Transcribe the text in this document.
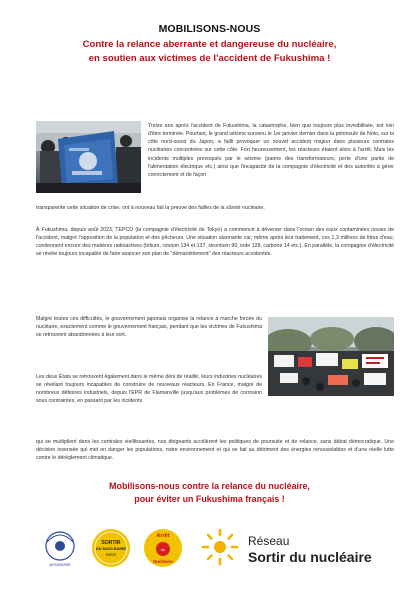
MOBILISONS-NOUS
Contre la relance aberrante et dangereuse du nucléaire,
en soutien aux victimes de l'accident de Fukushima !
Treize ans après l'accident de Fukushima, la catastrophe, bien que toujours plus invisibilisée, est loin d'être terminée. Pourtant, le grand séisme survenu le 1er janvier dernier dans la péninsule de Noto, sur la côte nord-ouest du Japon, a failli provoquer un nouvel accident majeur dans plusieurs centrales nucléaires concentrées sur cette côte. Fort heureusement, les réacteurs étaient alors à l'arrêt. Mais les incidents multiples provoqués par le séisme (panne des transformateurs, perte d'une partie de l'alimentation électrique etc.) ainsi que l'incapacité de la compagnie d'électricité et des autorités à gérer correctement et de façon
transparente cette situation de crise, ont à nouveau fait la preuve des failles de la sûreté nucléaire.
À Fukushima, depuis août 2023, TEPCO (la compagnie d'électricité de Tokyo) a commencé à déverser dans l'océan des eaux contaminées issues de l'accident, malgré l'opposition de la population et des pêcheurs. Une situation alarmante car, même après leur traitement, ces 1,3 millions de litres d'eau, contiennent encore des matières radioactives (tritium, césium 134 et 137, strontium 90, iode 129, carbone 14 etc.). En parallèle, la compagnie d'électricité se révèle toujours incapable de faire avancer son plan de "démantèlement" des réacteurs accidentés.
Malgré toutes ces difficultés, le gouvernement japonais organise la relance à marche forcée du nucléaire, exactement comme le gouvernement français, pendant que les victimes de Fukushima se retrouvent abandonnées à leur sort.
Les deux États se retrouvent également dans le même déni de réalité, leurs industries nucléaires se révélant toujours incapables de construire de nouveaux réacteurs. En France, malgré de nombreux déboires industriels, depuis l'EPR de Flamanville jusqu'aux problèmes de corrosion sous contraintes, en passant par les incidents
qui se multiplient dans les centrales vieillissantes, nos dirigeants accélèrent les politiques de poursuite et de relance, sans débat démocratique. Une décision insensée qui met en danger les populations, notre environnement et qui se fait au détriment des énergies renouvelables et d'une réelle lutte contre le dérèglement climatique.
Mobilisons-nous contre la relance du nucléaire,
pour éviter un Fukushima français !
AFASEMSE
SORTIR
DU NUCLÉAIRE
PARIS
Arrêt
du
Nucléaire
Réseau
Sortir du nucléaire
